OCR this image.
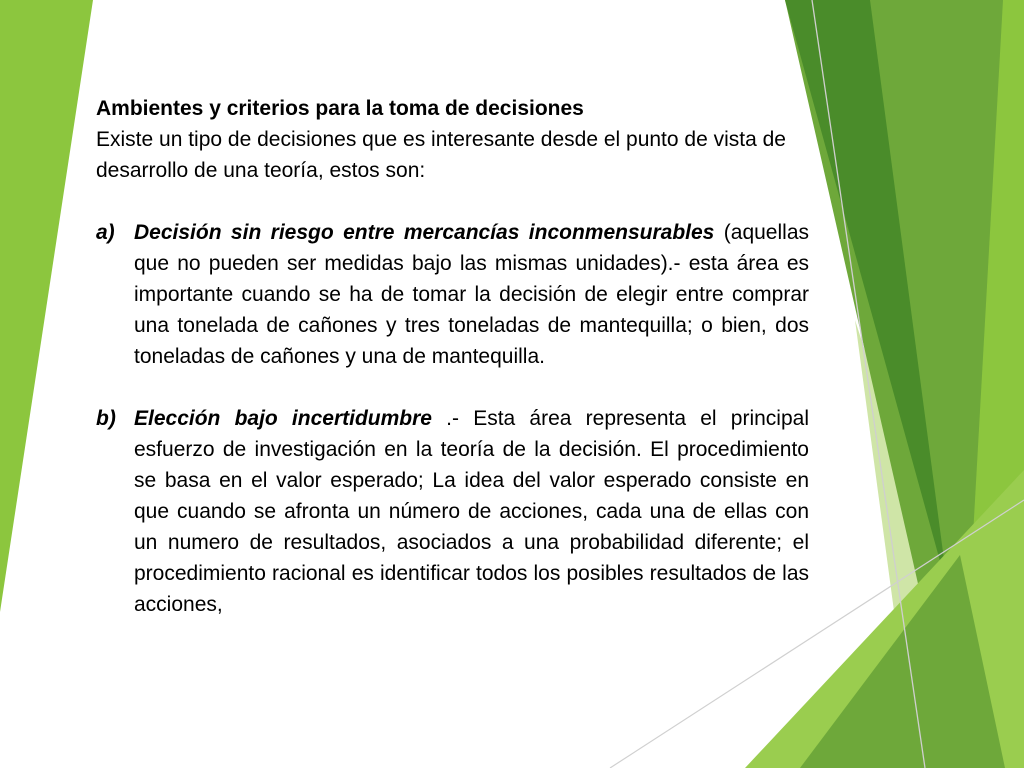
Ambientes y criterios para la toma de decisiones

Existe un tipo de decisiones que es interesante desde el punto de vista de desarrollo de una teoría, estos son:

a) Decisión sin riesgo entre mercancías inconmensurables (aquellas que no pueden ser medidas bajo las mismas unidades).- esta área es importante cuando se ha de tomar la decisión de elegir entre comprar una tonelada de cañones y tres toneladas de mantequilla; o bien, dos toneladas de cañones y una de mantequilla.
b) Elección bajo incertidumbre .- Esta área representa el principal esfuerzo de investigación en la teoría de la decisión. El procedimiento se basa en el valor esperado; La idea del valor esperado consiste en que cuando se afronta un número de acciones, cada una de ellas con un numero de resultados, asociados a una probabilidad diferente; el procedimiento racional es identificar todos los posibles resultados de las acciones,
